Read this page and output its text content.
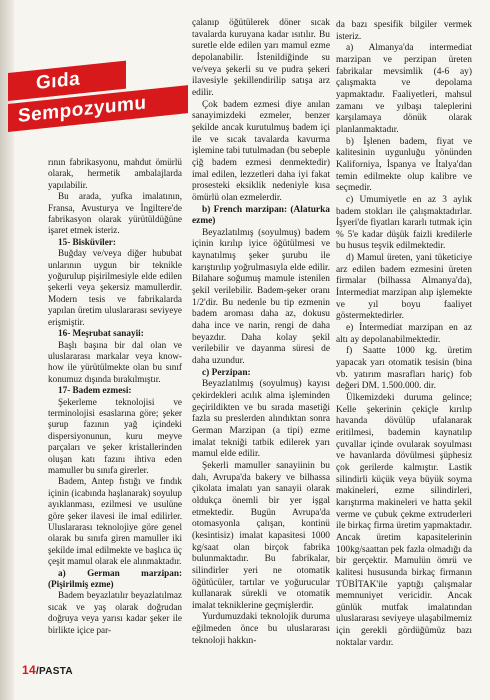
Gıda
Sempozyumu

rının fabrikasyonu, mahdut ömürlü olarak, hermetik ambalajlarda yapılabilir.

Bu arada, yufka imalatının, Fransa, Avusturya ve İngiltere'de fabrikasyon olarak yürütüldüğüne işaret etmek isteriz.

15- Bisküviler:

Buğday ve/veya diğer hububat unlarının uygun bir teknikle yoğurulup pişirilmesiyle elde edilen şekerli veya şekersiz mamullerdir. Modern tesis ve fabrikalarda yapılan üretim uluslararası seviyeye erişmiştir.

16- Meşrubat sanayii:

Başlı başına bir dal olan ve uluslararası markalar veya know-how ile yürütülmekte olan bu sınıf konumuz dışında bırakılmıştır.

17- Badem ezmesi:

Şekerleme teknolojisi ve terminolojisi esaslarına göre; şeker şurup fazının yağ içindeki dispersiyonunun, kuru meyve parçaları ve şeker kristallerinden oluşan katı fazını ihtiva eden mamuller bu sınıfa girerler.

Badem, Antep fıstığı ve fındık içinin (icabında haşlanarak) soyulup ayıklanması, ezilmesi ve usulüne göre şeker ilavesi ile imal edilirler. Uluslararası teknolojiye göre genel olarak bu sınıfa giren mamuller iki şekilde imal edilmekte ve başlıca üç çeşit mamul olarak ele alınmaktadır.

a) German marzipan: (Pişirilmiş ezme)

Badem beyazlatılır beyazlatılmaz sıcak ve yaş olarak doğrudan doğruya veya yarısı kadar şeker ile birlikte içice par-

çalanıp öğütülerek döner sıcak tavalarda kuruyana kadar ısıtılır. Bu suretle elde edilen yarı mamul ezme depolanabilir. İstenildiğinde su ve/veya şekerli su ve pudra şekeri ilavesiyle şekillendirilip satışa arz edilir.

Çok badem ezmesi diye anılan sanayimizdeki ezmeler, benzer şekilde ancak kurutulmuş badem içi ile ve sıcak tavalarda kavurma işlemine tabi tutulmadan (bu sebeple çiğ badem ezmesi denmektedir) imal edilen, lezzetleri daha iyi fakat prosesteki eksiklik nedeniyle kısa ömürlü olan ezmelerdir.

b) French marzipan: (Alaturka ezme)

Beyazlatılmış (soyulmuş) badem içinin kırılıp iyice öğütülmesi ve kaynatılmış şeker şurubu ile karıştırılıp yoğrulmasıyla elde edilir. Bilahare soğumuş mamule istenilen şekil verilebilir. Badem-şeker oranı 1/2'dir. Bu nedenle bu tip ezmenin badem aroması daha az, dokusu daha ince ve narin, rengi de daha beyazdır. Daha kolay şekil verilebilir ve dayanma süresi de daha uzundur.

c) Perzipan:

Beyazlatılmış (soyulmuş) kayısı çekirdekleri acılık alma işleminden geçirildikten ve bu sırada masetiği fazla su preslerden alındıktan sonra German Marzipan (a tipi) ezme imalat tekniği tatbik edilerek yarı mamul elde edilir.

Şekerli mamuller sanayiinin bu dalı, Avrupa'da bakery ve bilhassa çikolata imalatı yan sanayii olarak oldukça önemli bir yer işgal etmektedir. Bugün Avrupa'da otomasyonla çalışan, kontinü (kesintisiz) imalat kapasitesi 1000 kg/saat olan birçok fabrika bulunmaktadır. Bu fabrikalar, silindirler yeri ne otomatik öğütücüler, tartılar ve yoğurucular kullanarak sürekli ve otomatik imalat tekniklerine geçmişlerdir.

Yurdumuzdaki teknolojik duruma eğilmeden önce bu uluslararası teknoloji hakkın-

da bazı spesifik bilgiler vermek isteriz.

a) Almanya'da intermediat marzipan ve perzipan üreten fabrikalar mevsimlik (4-6 ay) çalışmakta ve depolama yapmaktadır. Faaliyetleri, mahsul zamanı ve yılbaşı taleplerini karşılamaya dönük olarak planlanmaktadır.

b) İşlenen badem, fiyat ve kalitesinin uygunluğu yönünden Kaliforniya, İspanya ve İtalya'dan temin edilmekte olup kalibre ve seçmedir.

c) Umumiyetle en az 3 aylık badem stokları ile çalışmaktadırlar. İşyeri'de fiyatları kararlı tutmak için % 5'e kadar düşük faizli kredilerle bu husus teşvik edilmektedir.

d) Mamul üreten, yani tüketiciye arz edilen badem ezmesini üreten firmalar (bilhassa Almanya'da), İntermediat marzipan alıp işlemekte ve yıl boyu faaliyet göstermektedirler.

e) İntermediat marzipan en az altı ay depolanabilmektedir.

f) Saatte 1000 kg. üretim yapacak yarı otomatik tesisin (bina vb. yatırım masrafları hariç) fob değeri DM. 1.500.000. dir.

Ülkemizdeki duruma gelince; Kelle şekerinin çekiçle kırılıp havanda dövülüp ufalanarak eritilmesi, bademin kaynatılıp çuvallar içinde ovularak soyulması ve havanlarda dövülmesi şüphesiz çok gerilerde kalmıştır. Lastik silindirli küçük veya büyük soyma makineleri, ezme silindirleri, karıştırma makineleri ve hatta şekil verme ve çubuk çekme extruderleri ile birkaç firma üretim yapmaktadır. Ancak üretim kapasitelerinin 100kg/saattan pek fazla olmadığı da bir gerçektir. Mamulün ömrü ve kalitesi hususunda birkaç firmanın TÜBİTAK'ile yaptığı çalışmalar memnuniyet vericidir. Ancak günlük mutfak imalatından uluslararası seviyeye ulaşabilmemiz için gerekli gördüğümüz bazı noktalar vardır.

14/PASTA
